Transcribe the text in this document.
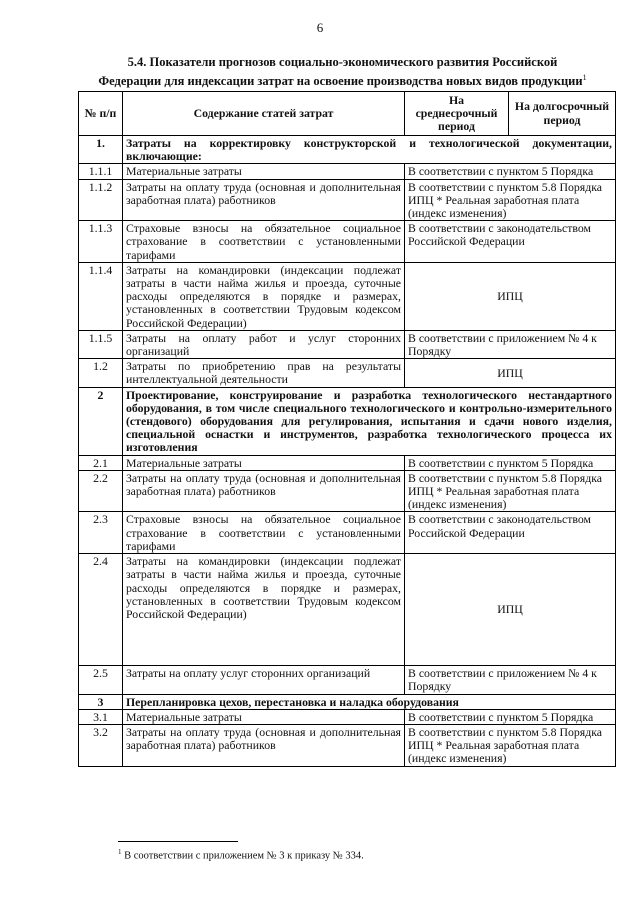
6
5.4. Показатели прогнозов социально-экономического развития Российской
Федерации для индексации затрат на освоение производства новых видов продукции$^1$
№ п/п	Содержание статей затрат	На среднесрочный период	На долгосрочный период
1.	Затраты на корректировку конструкторской и технологической документации, включающие:		
1.1.1	Материальные затраты	В соответствии с пунктом 5 Порядка	
1.1.2	Затраты на оплату труда (основная и дополнительная заработная плата) работников	В соответствии с пунктом 5.8 Порядка ИПЦ * Реальная заработная плата (индекс изменения)	
1.1.3	Страховые взносы на обязательное социальное страхование в соответствии с установленными тарифами	В соответствии с законодательством Российской Федерации	
1.1.4	Затраты на командировки (индексации подлежат затраты в части найма жилья и проезда, суточные расходы определяются в порядке и размерах, установленных в соответствии Трудовым кодексом Российской Федерации)	ИПЦ	
1.1.5	Затраты на оплату работ и услуг сторонних организаций	В соответствии с приложением № 4 к Порядку	
1.2	Затраты по приобретению прав на результаты интеллектуальной деятельности	ИПЦ	
2	Проектирование, конструирование и разработка технологического нестандартного оборудования, в том числе специального технологического и контрольно-измерительного (стендового) оборудования для регулирования, испытания и сдачи нового изделия, специальной оснастки и инструментов, разработка технологического процесса их изготовления		
2.1	Материальные затраты	В соответствии с пунктом 5 Порядка	
2.2	Затраты на оплату труда (основная и дополнительная заработная плата) работников	В соответствии с пунктом 5.8 Порядка ИПЦ * Реальная заработная плата (индекс изменения)	
2.3	Страховые взносы на обязательное социальное страхование в соответствии с установленными тарифами	В соответствии с законодательством Российской Федерации	
2.4	Затраты на командировки (индексации подлежат затраты в части найма жилья и проезда, суточные расходы определяются в порядке и размерах, установленных в соответствии Трудовым кодексом Российской Федерации)	ИПЦ	
2.5	Затраты на оплату услуг сторонних организаций	В соответствии с приложением № 4 к Порядку	
3	Перепланировка цехов, перестановка и наладка оборудования		
3.1	Материальные затраты	В соответствии с пунктом 5 Порядка	
3.2	Затраты на оплату труда (основная и дополнительная заработная плата) работников	В соответствии с пунктом 5.8 Порядка ИПЦ * Реальная заработная плата (индекс изменения)	
$^1$ В соответствии с приложением № 3 к приказу № 334.
